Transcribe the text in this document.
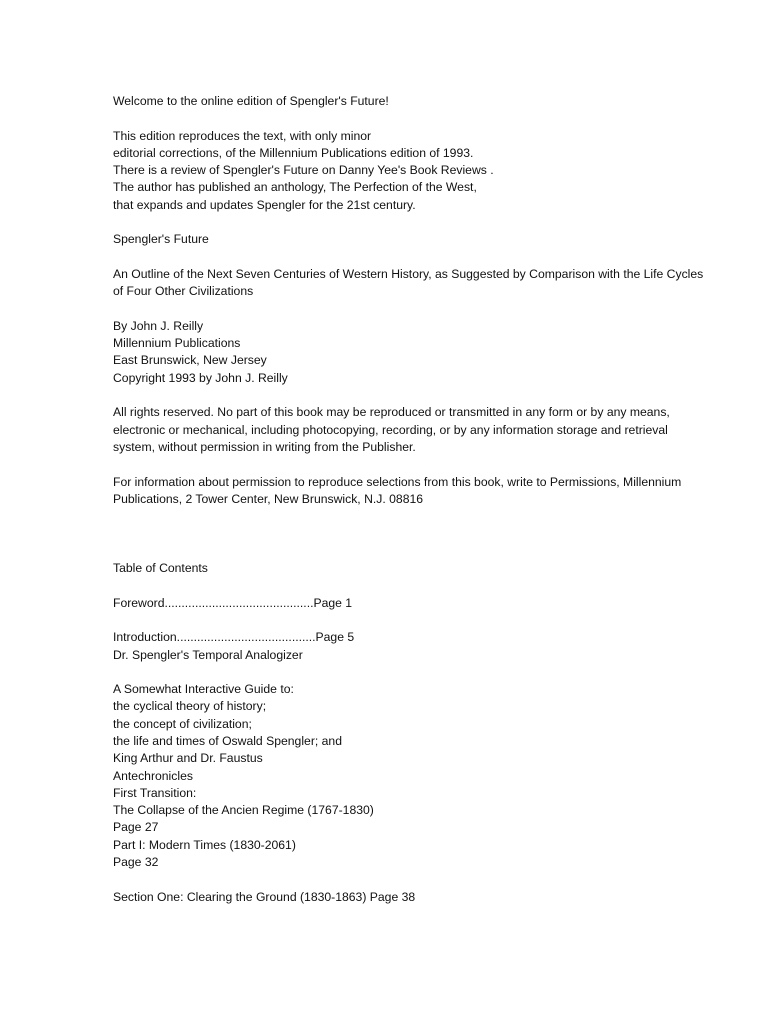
Welcome to the online edition of Spengler's Future!
This edition reproduces the text, with only minor
editorial corrections, of the Millennium Publications edition of 1993.
There is a review of Spengler's Future on Danny Yee's Book Reviews .
The author has published an anthology, The Perfection of the West,
that expands and updates Spengler for the 21st century.
Spengler's Future
An Outline of the Next Seven Centuries of Western History, as Suggested by Comparison with the Life Cycles of Four Other Civilizations
By John J. Reilly
Millennium Publications
East Brunswick, New Jersey
Copyright 1993 by John J. Reilly
All rights reserved. No part of this book may be reproduced or transmitted in any form or by any means, electronic or mechanical, including photocopying, recording, or by any information storage and retrieval system, without permission in writing from the Publisher.
For information about permission to reproduce selections from this book, write to Permissions, Millennium Publications, 2 Tower Center, New Brunswick, N.J. 08816
Table of Contents
Foreword............................................Page 1
Introduction.........................................Page 5
Dr. Spengler's Temporal Analogizer
A Somewhat Interactive Guide to:
the cyclical theory of history;
the concept of civilization;
the life and times of Oswald Spengler; and
King Arthur and Dr. Faustus
Antechronicles
First Transition:
The Collapse of the Ancien Regime (1767-1830)
Page 27
Part I: Modern Times (1830-2061)
Page 32
Section One: Clearing the Ground (1830-1863) Page 38
